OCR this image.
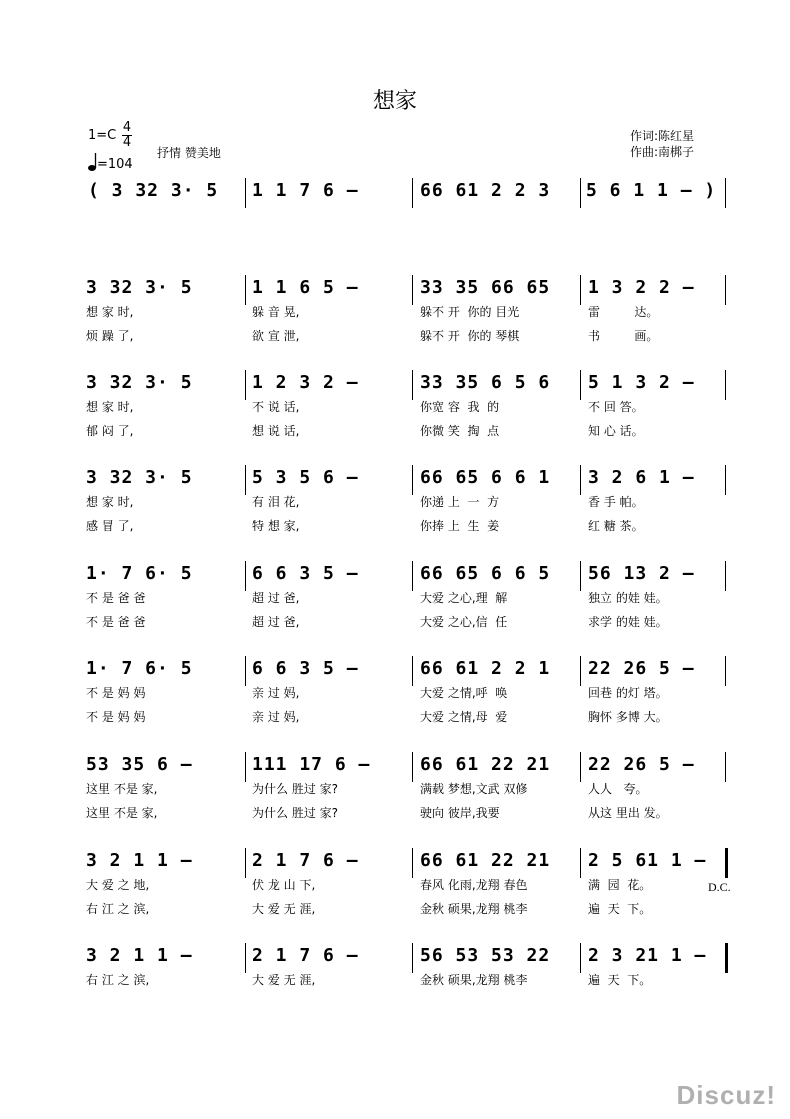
想家
1=C
4
4
=104
抒情 赞美地
作词:陈红星
作曲:南梆子
( 3 32 3· 5 1 1 7 6 –	66 61 2 2 3 5 6 1 1 – )
3 32 3· 5
想 家 时,
烦 躁 了,
1 1 6 5 –
躲 音 晃,
欲 宣 泄,
33 35 66 65
躲不 开  你的 目光
躲不 开  你的 琴棋
1 3 2 2 –
雷         达。
书         画。
3 32 3· 5
想 家 时,
郁 闷 了,
1 2 3 2 –
不 说 话,
想 说 话,
33 35 6 5 6
你宽 容  我  的
你微 笑  掏  点
5 1 3 2 –
不 回 答。
知 心 话。
3 32 3· 5
想 家 时,
感 冒 了,
5 3 5 6 –
有 泪 花,
特 想 家,
66 65 6 6 1
你递 上  一  方
你捧 上  生  姜
3 2 6 1 –
香 手 帕。
红 糖 茶。
1· 7 6· 5
不 是 爸 爸
不 是 爸 爸
6 6 3 5 –
超 过 爸,
超 过 爸,
66 65 6 6 5
大爱 之心,理  解
大爱 之心,信  任
56 13 2 –
独立 的娃 娃。
求学 的娃 娃。
1· 7 6· 5
不 是 妈 妈
不 是 妈 妈
6 6 3 5 –
亲 过 妈,
亲 过 妈,
66 61 2 2 1
大爱 之情,呼  唤
大爱 之情,母  爱
22 26 5 –
回巷 的灯 塔。
胸怀 多博 大。
53 35 6 –
这里 不是 家,
这里 不是 家,
111 17 6 –
为什么 胜过 家?
为什么 胜过 家?
66 61 22 21
满载 梦想,文武 双修
驶向 彼岸,我要
22 26 5 –
人人   夸。
从这 里出 发。
3 2 1 1 –
大 爱 之 地,
右 江 之 滨,
2 1 7 6 –
伏 龙 山 下,
大 爱 无 涯,
66 61 22 21
春风 化雨,龙翔 春色
金秋 硕果,龙翔 桃李
2 5 61 1 –
满  园  花。
遍  天  下。
3 2 1 1 –
右 江 之 滨,
2 1 7 6 –
大 爱 无 涯,
56 53 53 22
金秋 硕果,龙翔 桃李
2 3 21 1 –
遍  天  下。
D.C.
Discuz!
